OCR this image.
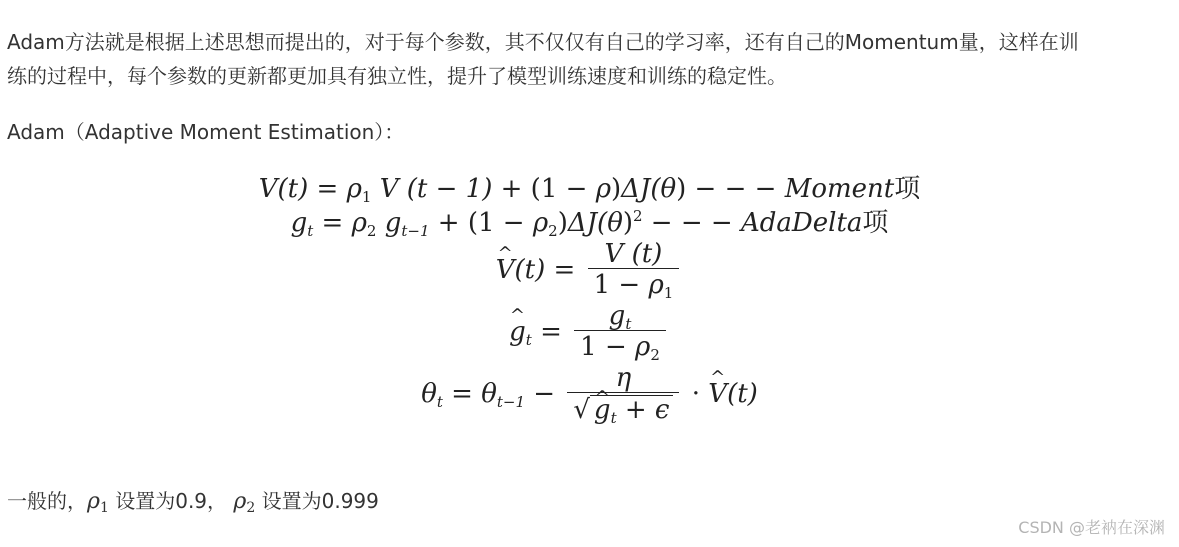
Adam方法就是根据上述思想而提出的，对于每个参数，其不仅仅有自己的学习率，还有自己的Momentum量，这样在训
练的过程中，每个参数的更新都更加具有独立性，提升了模型训练速度和训练的稳定性。

Adam（Adaptive Moment Estimation）：

$V(t) = \rho_1$ V (t − 1) + (1 − ρ)ΔJ(θ) − − − Moment项
$g_t = \rho_2$ $g_{t-1} + (1 - \rho_2)\Delta J(\theta)^2$ − − − AdaDelta项
^ $V(t) = \frac{V (t)}{1 - \rho_1}$
^ $g_t = \frac{g_t}{1 - \rho_2}$
$\theta_t = \theta_{t-1} - \eta$
√
^ $g_t + \epsilon$ · ^ V(t)

一般的，$\rho_1$ 设置为0.9， $\rho_2$ 设置为0.999

CSDN @老衲在深渊
